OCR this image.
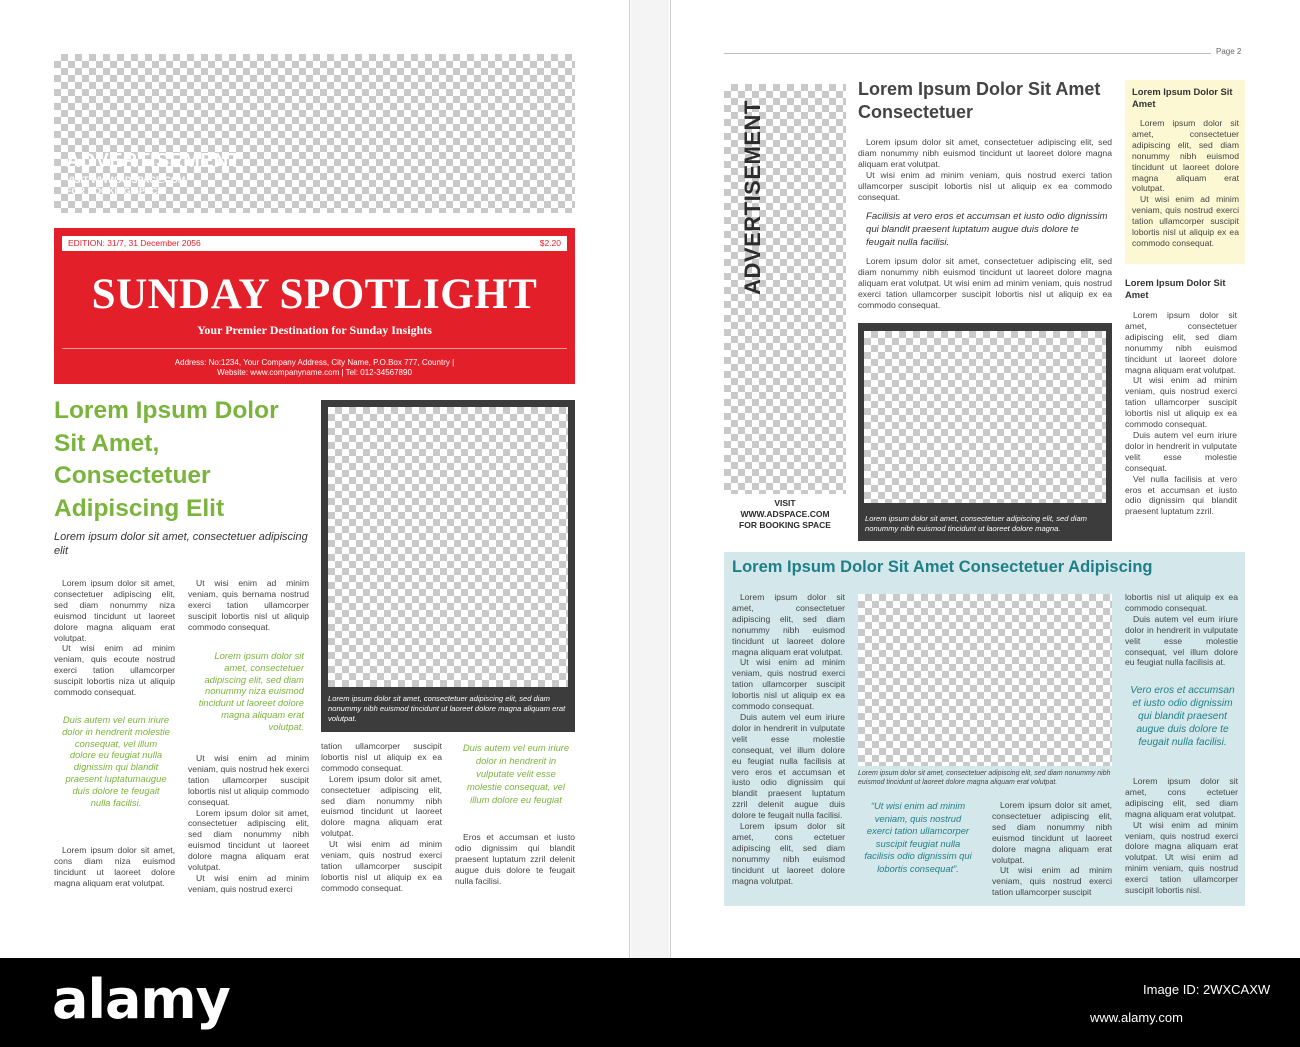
ADVERTISEMENT
VISIT WWW.ADSPACE.COM
FOR BOOKING SPACE
EDITION: 31/7, 31 December 2056	$2.20
SUNDAY SPOTLIGHT
Your Premier Destination for Sunday Insights
Address: No:1234, Your Company Address, City Name, P.O.Box 777, Country |
Website: www.companyname.com | Tel: 012-34567890
Lorem Ipsum Dolor Sit Amet, Consectetuer Adipiscing Elit
Lorem ipsum dolor sit amet, consectetuer adipiscing elit
Lorem ipsum dolor sit amet, consectetuer adipiscing elit, sed diam nonummy nibh euismod tincidunt ut laoreet dolore magna aliquam erat volutpat.

Lorem ipsum dolor sit amet, consectetuer adipiscing elit, sed diam nonummy niza euismod tincidunt ut laoreet dolore magna aliquam erat volutpat.

Ut wisi enim ad minim veniam, quis ecoute nostrud exerci tation ullamcorper suscipit lobortis niza ut aliquip commodo consequat.

Duis autem vel eum iriure dolor in hendrerit molestie consequat, vel illum dolore eu feugiat nulla dignissim qui blandit praesent luptatumaugue duis dolore te feugait nulla facilisi.

Lorem ipsum dolor sit amet, cons diam niza euismod tincidunt ut laoreet dolore magna aliquam erat volutpat.

Ut wisi enim ad minim veniam, quis bernama nostrud exerci tation ullamcorper suscipit lobortis nisl ut aliquip commodo consequat.

Lorem ipsum dolor sit amet, consectetuer adipiscing elit, sed diam nonummy niza euismod tincidunt ut laoreet dolore magna aliquam erat volutpat.

Ut wisi enim ad minim veniam, quis nostrud hek exerci tation ullamcorper suscipit lobortis nisl ut aliquip commodo consequat.

Lorem ipsum dolor sit amet, consectetuer adipiscing elit, sed diam nonummy nibh euismod tincidunt ut laoreet dolore magna aliquam erat volutpat.

Ut wisi enim ad minim veniam, quis nostrud exerci

tation ullamcorper suscipit lobortis nisl ut aliquip ex ea commodo consequat.

Lorem ipsum dolor sit amet, consectetuer adipiscing elit, sed diam nonummy nibh euismod tincidunt ut laoreet dolore magna aliquam erat volutpat.

Ut wisi enim ad minim veniam, quis nostrud exerci tation ullamcorper suscipit lobortis nisl ut aliquip ex ea commodo consequat.

Duis autem vel eum iriure dolor in hendrerit in vulputate velit esse molestie consequat, vel illum dolore eu feugiat

Eros et accumsan et iusto odio dignissim qui blandit praesent luptatum zzril delenit augue duis dolore te feugait nulla facilisi.

Page 2
ADVERTISEMENT
VISIT
WWW.ADSPACE.COM
FOR BOOKING SPACE
Lorem Ipsum Dolor Sit Amet Consectetuer

Lorem ipsum dolor sit amet, consectetuer adipiscing elit, sed diam nonummy nibh euismod tincidunt ut laoreet dolore magna aliquam erat volutpat.

Ut wisi enim ad minim veniam, quis nostrud exerci tation ullamcorper suscipit lobortis nisl ut aliquip ex ea commodo consequat.

Facilisis at vero eros et accumsan et iusto odio dignissim qui blandit praesent luptatum augue duis dolore te feugait nulla facilisi.

Lorem ipsum dolor sit amet, consectetuer adipiscing elit, sed diam nonummy nibh euismod tincidunt ut laoreet dolore magna aliquam erat volutpat. Ut wisi enim ad minim veniam, quis nostrud exerci tation ullamcorper suscipit lobortis nisl ut aliquip ex ea commodo consequat.

Lorem ipsum dolor sit amet, consectetuer adipiscing elit, sed diam nonummy nibh euismod tincidunt ut laoreet dolore magna.
Lorem Ipsum Dolor Sit Amet

Lorem ipsum dolor sit amet, consectetuer adipiscing elit, sed diam nonummy nibh euismod tincidunt ut laoreet dolore magna aliquam erat volutpat.

Ut wisi enim ad minim veniam, quis nostrud exerci tation ullamcorper suscipit lobortis nisl ut aliquip ex ea commodo consequat.

Lorem Ipsum Dolor Sit Amet

Lorem ipsum dolor sit amet, consectetuer adipiscing elit, sed diam nonummy nibh euismod tincidunt ut laoreet dolore magna aliquam erat volutpat.

Ut wisi enim ad minim veniam, quis nostrud exerci tation ullamcorper suscipit lobortis nisl ut aliquip ex ea commodo consequat.

Duis autem vel eum iriure dolor in hendrerit in vulputate velit esse molestie consequat.

Vel nulla facilisis at vero eros et accumsan et iusto odio dignissim qui blandit praesent luptatum zzril.

Lorem Ipsum Dolor Sit Amet Consectetuer Adipiscing

Lorem ipsum dolor sit amet, consectetuer adipiscing elit, sed diam nonummy nibh euismod tincidunt ut laoreet dolore magna aliquam erat volutpat.

Ut wisi enim ad minim veniam, quis nostrud exerci tation ullamcorper suscipit lobortis nisl ut aliquip ex ea commodo consequat.

Duis autem vel eum iriure dolor in hendrerit in vulputate velit esse molestie consequat, vel illum dolore eu feugiat nulla facilisis at vero eros et accumsan et iusto odio dignissim qui blandit praesent luptatum zzril delenit augue duis dolore te feugait nulla facilisi.

Lorem ipsum dolor sit amet, cons ectetuer adipiscing elit, sed diam nonummy nibh euismod tincidunt ut laoreet dolore magna volutpat.

Lorem ipsum dolor sit amet, consectetuer adipiscing elit, sed diam nonummy nibh euismod tincidunt ut laoreet dolore magna aliquam erat volutpat.
“Ut wisi enim ad minim veniam, quis nostrud exerci tation ullamcorper suscipit feugiat nulla facilisis odio dignissim qui lobortis consequat”.

Lorem ipsum dolor sit amet, consectetuer adipiscing elit, sed diam nonummy nibh euismod tincidunt ut laoreet dolore magna aliquam erat volutpat.

Ut wisi enim ad minim veniam, quis nostrud exerci tation ullamcorper suscipit

lobortis nisl ut aliquip ex ea commodo consequat.

Duis autem vel eum iriure dolor in hendrerit in vulputate velit esse molestie consequat, vel illum dolore eu feugiat nulla facilisis at.

Vero eros et accumsan et iusto odio dignissim qui blandit praesent augue duis dolore te feugait nulla facilisi.

Lorem ipsum dolor sit amet, cons ectetuer adipiscing elit, sed diam magna aliquam erat volutpat.

Ut wisi enim ad minim veniam, quis nostrud exerci dolore magna aliquam erat volutpat. Ut wisi enim ad minim veniam, quis nostrud exerci tation ullamcorper suscipit lobortis nisl.

alamy	Image ID: 2WXCAXW
www.alamy.com
